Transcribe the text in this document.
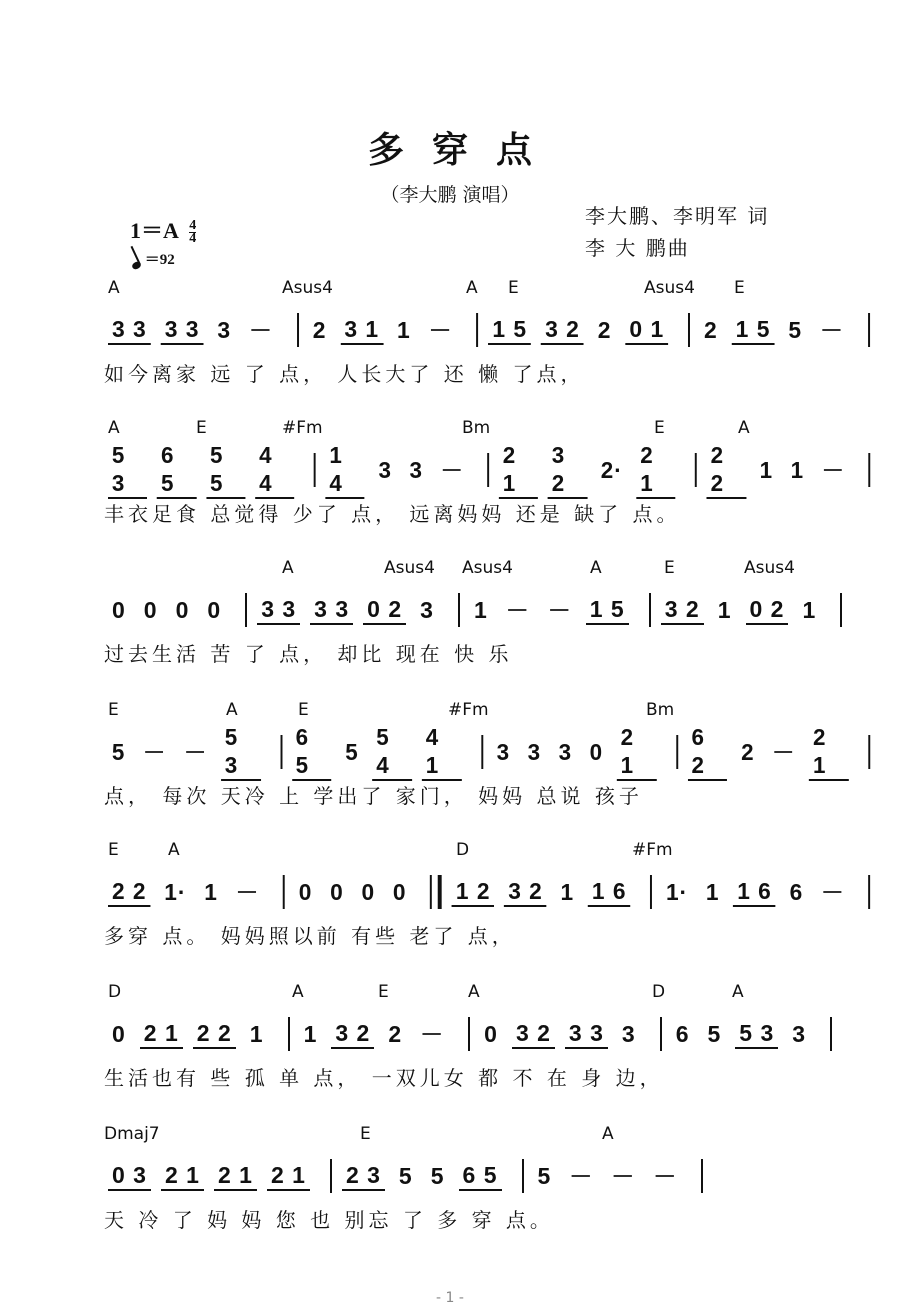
多穿点
（李大鹏 演唱）
李大鹏、李明军 词
李 大 鹏曲
$1=A \frac{4}{4}$
＝92
A	Asus4	A E	Asus4 E
3 3 3 3 3 － 2 3 1 1 － 1 5 3 2 2 0 1 2 1 5 5 －
如今离家 远 了 点， 人长大了 还 懒 了点，
A	E	#Fm	Bm	E	A
5 3
6 5
5 5
4 4
1 4	3 3 －
2 1
3 2	2·
2 1
2 2	1 1 －
丰衣足食 总觉得 少了 点， 远离妈妈 还是 缺了 点。
A	Asus4 Asus4	A	E	Asus4
0 0 0 0 3 3 3 3 0 2 3 1 － － 1 5 3 2 1 0 2 1
过去生活 苦 了 点， 却比 现在 快 乐
E	A	E	#Fm	Bm
5 － －
5 3
6 5	5
5 4
4 1	3 3 3 0
2 1
6 2	2 －
2 1
点， 每次 天冷 上 学出了 家门， 妈妈 总说 孩子
E	A	D	#Fm
2 2 1· 1 － 0 0 0 0 1 2 3 2 1 1 6 1· 1 1 6 6 －
多穿 点。 妈妈照以前 有些 老了 点，
D	A	E	A	D	A
0 2 1 2 2 1 1 3 2 2 － 0 3 2 3 3 3 6 5 5 3 3
生活也有 些 孤 单 点， 一双儿女 都 不 在 身 边，
Dmaj7	E	A
0 3 2 1 2 1 2 1 2 3 5 5 6 5 5 － － －
天 冷 了 妈 妈 您 也 别忘 了 多 穿 点。
- 1 -
